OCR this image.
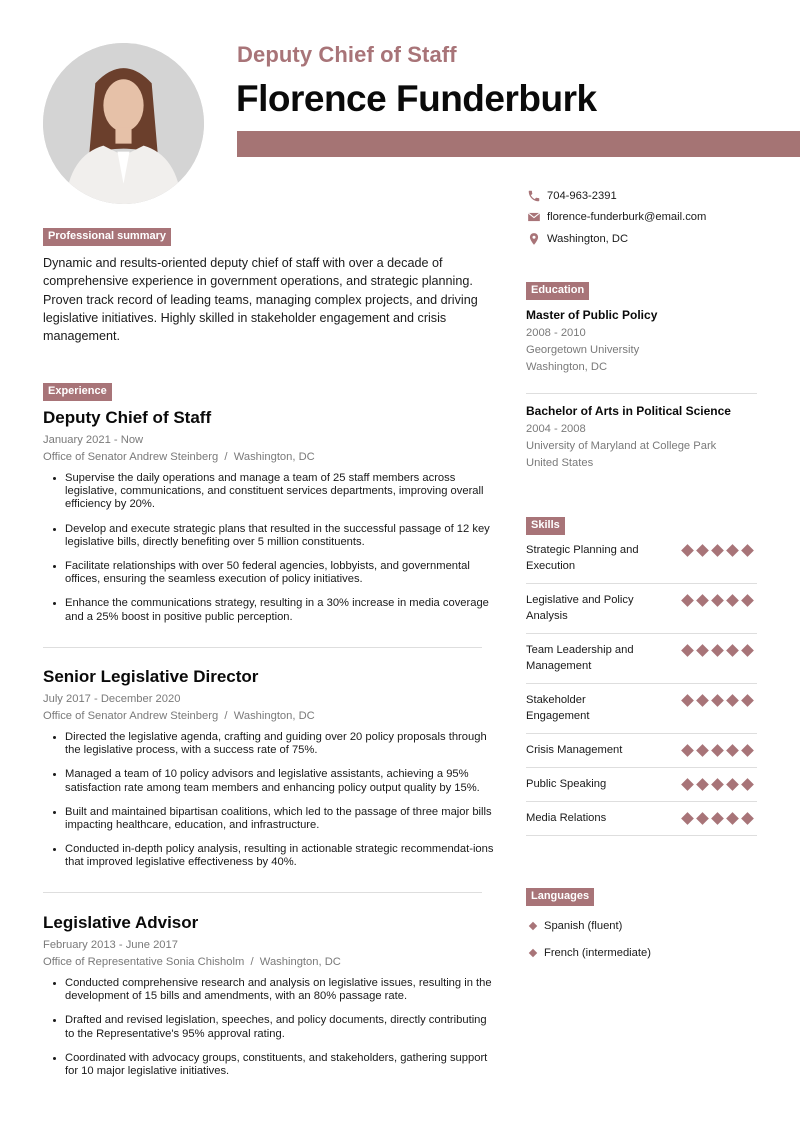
Deputy Chief of Staff
Florence Funderburk
704-963-2391
florence-funderburk@email.com
Washington, DC
Professional summary

Dynamic and results-oriented deputy chief of staff with over a decade of comprehensive experience in government operations, and strategic planning. Proven track record of leading teams, managing complex projects, and driving legislative initiatives. Highly skilled in stakeholder engagement and crisis management.

Experience
Deputy Chief of Staff
January 2021 - Now
Office of Senator Andrew Steinberg  /  Washington, DC
Supervise the daily operations and manage a team of 25 staff members across legislative, communications, and constituent services departments, improving overall efficiency by 20%.
Develop and execute strategic plans that resulted in the successful passage of 12 key legislative bills, directly benefiting over 5 million constituents.
Facilitate relationships with over 50 federal agencies, lobbyists, and governmental offices, ensuring the seamless execution of policy initiatives.
Enhance the communications strategy, resulting in a 30% increase in media coverage and a 25% boost in positive public perception.
Senior Legislative Director
July 2017 - December 2020
Office of Senator Andrew Steinberg  /  Washington, DC
Directed the legislative agenda, crafting and guiding over 20 policy proposals through the legislative process, with a success rate of 75%.
Managed a team of 10 policy advisors and legislative assistants, achieving a 95% satisfaction rate among team members and enhancing policy output quality by 15%.
Built and maintained bipartisan coalitions, which led to the passage of three major bills impacting healthcare, education, and infrastructure.
Conducted in-depth policy analysis, resulting in actionable strategic recommendat-ions that improved legislative effectiveness by 40%.
Legislative Advisor
February 2013 - June 2017
Office of Representative Sonia Chisholm  /  Washington, DC
Conducted comprehensive research and analysis on legislative issues, resulting in the development of 15 bills and amendments, with an 80% passage rate.
Drafted and revised legislation, speeches, and policy documents, directly contributing to the Representative's 95% approval rating.
Coordinated with advocacy groups, constituents, and stakeholders, gathering support for 10 major legislative initiatives.
Education
Master of Public Policy
2008 - 2010
Georgetown University
Washington, DC
Bachelor of Arts in Political Science
2004 - 2008
University of Maryland at College Park
United States
Skills
Strategic Planning and Execution
Legislative and Policy Analysis
Team Leadership and Management
Stakeholder Engagement
Crisis Management
Public Speaking
Media Relations
Languages
Spanish (fluent)
French (intermediate)
